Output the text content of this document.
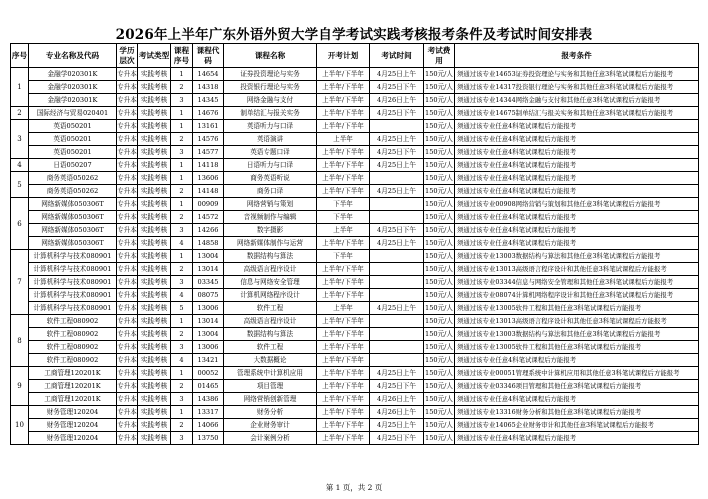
2026年上半年广东外语外贸大学自学考试实践考核报考条件及考试时间安排表
序号	专业名称及代码	学历层次	考试类型	课程序号	课程代码	课程名称	开考计划	考试时间	考试费用	报考条件
1	金融学020301K	专升本	实践考核	1	14654	证券投资理论与实务	上半年/下半年	4月25日上午	150元/人	须通过该专业14653证券投资理论与实务和其他任意3科笔试课程后方能报考
	金融学020301K	专升本	实践考核	2	14318	投资银行理论与实务	上半年/下半年	4月25日下午	150元/人	须通过该专业14317投资银行理论与实务和其他任意3科笔试课程后方能报考
	金融学020301K	专升本	实践考核	3	14345	网络金融与支付	上半年/下半年	4月26日上午	150元/人	须通过该专业14344网络金融与支付和其他任意3科笔试课程后方能报考
2	国际经济与贸易020401	专升本	实践考核	1	14676	制单结汇与报关实务	上半年/下半年	4月25日下午	150元/人	须通过该专业14675制单结汇与报关实务和其他任意3科笔试课程后方能报考
3	英语050201	专升本	实践考核	1	13161	英语听力与口译	上半年/下半年		150元/人	须通过该专业任意4科笔试课程后方能报考
	英语050201	专升本	实践考核	2	14576	英语演讲	上半年	4月25日上午	150元/人	须通过该专业任意4科笔试课程后方能报考
	英语050201	专升本	实践考核	3	14577	英语专题口译	上半年/下半年	4月25日下午	150元/人	须通过该专业任意4科笔试课程后方能报考
4	日语050207	专升本	实践考核	1	14118	日语听力与口译	上半年/下半年	4月25日上午	150元/人	须通过该专业任意4科笔试课程后方能报考
5	商务英语050262	专升本	实践考核	1	13606	商务英语听说	上半年/下半年		150元/人	须通过该专业任意4科笔试课程后方能报考
	商务英语050262	专升本	实践考核	2	14148	商务口译	上半年/下半年	4月25日上午	150元/人	须通过该专业任意4科笔试课程后方能报考
6	网络新媒体050306T	专升本	实践考核	1	00909	网络营销与策划	下半年		150元/人	须通过该专业00908网络营销与策划和其他任意3科笔试课程后方能报考
	网络新媒体050306T	专升本	实践考核	2	14572	音视频制作与编辑	下半年		150元/人	须通过该专业任意4科笔试课程后方能报考
	网络新媒体050306T	专升本	实践考核	3	14266	数字摄影	上半年	4月25日下午	150元/人	须通过该专业任意4科笔试课程后方能报考
	网络新媒体050306T	专升本	实践考核	4	14858	网络新媒体制作与运营	上半年/下半年	4月25日上午	150元/人	须通过该专业任意4科笔试课程后方能报考
7	计算机科学与技术080901	专升本	实践考核	1	13004	数据结构与算法	下半年		150元/人	须通过该专业13003数据结构与算法和其他任意3科笔试课程后方能报考
	计算机科学与技术080901	专升本	实践考核	2	13014	高级语言程序设计	上半年/下半年		150元/人	须通过该专业13013高级语言程序设计和其他任意3科笔试课程后方能报考
	计算机科学与技术080901	专升本	实践考核	3	03345	信息与网络安全管理	上半年/下半年		150元/人	须通过该专业03344信息与网络安全管理和其他任意3科笔试课程后方能报考
	计算机科学与技术080901	专升本	实践考核	4	08075	计算机网络程序设计	上半年/下半年		150元/人	须通过该专业08074计算机网络程序设计和其他任意3科笔试课程后方能报考
	计算机科学与技术080901	专升本	实践考核	5	13006	软件工程	上半年	4月25日上午	150元/人	须通过该专业13005软件工程和其他任意3科笔试课程后方能报考
8	软件工程080902	专升本	实践考核	1	13014	高级语言程序设计	上半年/下半年		150元/人	须通过该专业13013高级语言程序设计和其他任意3科笔试课程后方能报考
	软件工程080902	专升本	实践考核	2	13004	数据结构与算法	上半年/下半年		150元/人	须通过该专业13003数据结构与算法和其他任意3科笔试课程后方能报考
	软件工程080902	专升本	实践考核	3	13006	软件工程	上半年/下半年		150元/人	须通过该专业13005软件工程和其他任意3科笔试课程后方能报考
	软件工程080902	专升本	实践考核	4	13421	大数据概论	上半年/下半年		150元/人	须通过该专业任意4科笔试课程后方能报考
9	工商管理120201K	专升本	实践考核	1	00052	管理系统中计算机应用	上半年/下半年	4月25日上午	150元/人	须通过该专业00051管理系统中计算机应用和其他任意3科笔试课程后方能报考
	工商管理120201K	专升本	实践考核	2	01465	项目管理	上半年/下半年	4月25日下午	150元/人	须通过该专业03346项目管理和其他任意3科笔试课程后方能报考
	工商管理120201K	专升本	实践考核	3	14386	网络营销创新管理	上半年/下半年	4月26日上午	150元/人	须通过该专业任意4科笔试课程后方能报考
10	财务管理120204	专升本	实践考核	1	13317	财务分析	上半年/下半年	4月26日上午	150元/人	须通过该专业13316财务分析和其他任意3科笔试课程后方能报考
	财务管理120204	专升本	实践考核	2	14066	企业财务审计	上半年/下半年	4月25日上午	150元/人	须通过该专业14065企业财务审计和其他任意3科笔试课程后方能报考
	财务管理120204	专升本	实践考核	3	13750	会计案例分析	上半年/下半年	4月25日下午	150元/人	须通过该专业任意4科笔试课程后方能报考
第 1 页，共 2 页
